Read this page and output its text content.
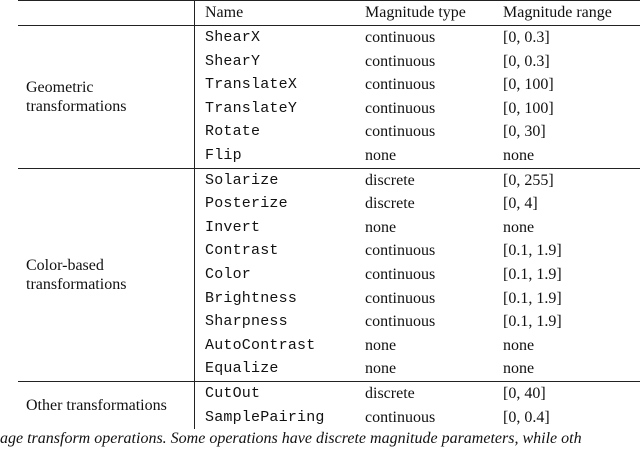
	Name	Magnitude type	Magnitude range

Geometric transformations	ShearX	continuous	[0, 0.3]
	ShearY	continuous	[0, 0.3]
	TranslateX	continuous	[0, 100]
	TranslateY	continuous	[0, 100]
	Rotate	continuous	[0, 30]
	Flip	none	none

Color-based transformations	Solarize	discrete	[0, 255]
	Posterize	discrete	[0, 4]
	Invert	none	none
	Contrast	continuous	[0.1, 1.9]
	Color	continuous	[0.1, 1.9]
	Brightness	continuous	[0.1, 1.9]
	Sharpness	continuous	[0.1, 1.9]
	AutoContrast	none	none
	Equalize	none	none

Other transformations	CutOut	discrete	[0, 40]
	SamplePairing	continuous	[0, 0.4]
age transform operations. Some operations have discrete magnitude parameters, while oth
